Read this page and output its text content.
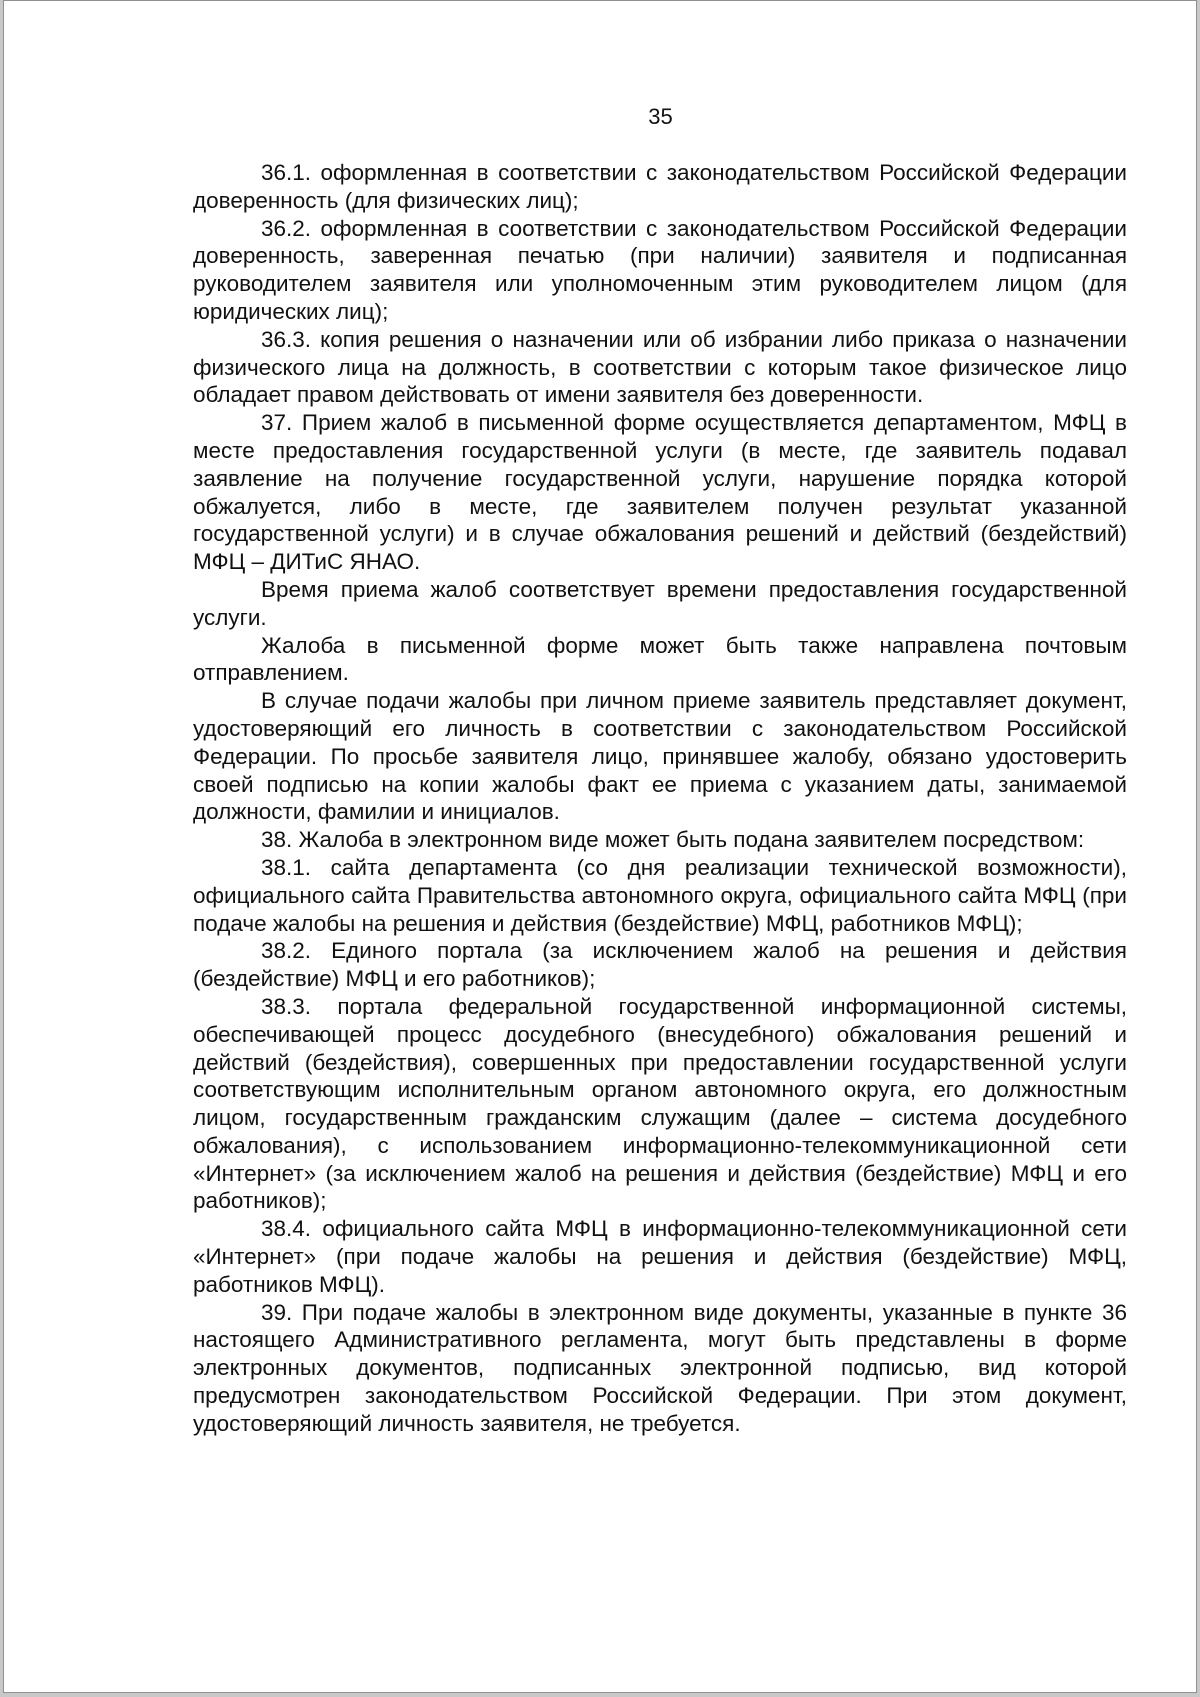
35

36.1. оформленная в соответствии с законодательством Российской Федерации доверенность (для физических лиц);

36.2. оформленная в соответствии с законодательством Российской Федерации доверенность, заверенная печатью (при наличии) заявителя и подписанная руководителем заявителя или уполномоченным этим руководителем лицом (для юридических лиц);

36.3. копия решения о назначении или об избрании либо приказа о назначении физического лица на должность, в соответствии с которым такое физическое лицо обладает правом действовать от имени заявителя без доверенности.

37. Прием жалоб в письменной форме осуществляется департаментом, МФЦ в месте предоставления государственной услуги (в месте, где заявитель подавал заявление на получение государственной услуги, нарушение порядка которой обжалуется, либо в месте, где заявителем получен результат указанной государственной услуги) и в случае обжалования решений и действий (бездействий) МФЦ – ДИТиС ЯНАО.

Время приема жалоб соответствует времени предоставления государственной услуги.

Жалоба в письменной форме может быть также направлена почтовым отправлением.

В случае подачи жалобы при личном приеме заявитель представляет документ, удостоверяющий его личность в соответствии с законодательством Российской Федерации. По просьбе заявителя лицо, принявшее жалобу, обязано удостоверить своей подписью на копии жалобы факт ее приема с указанием даты, занимаемой должности, фамилии и инициалов.

38. Жалоба в электронном виде может быть подана заявителем посредством:

38.1. сайта департамента (со дня реализации технической возможности), официального сайта Правительства автономного округа, официального сайта МФЦ (при подаче жалобы на решения и действия (бездействие) МФЦ, работников МФЦ);

38.2. Единого портала (за исключением жалоб на решения и действия (бездействие) МФЦ и его работников);

38.3. портала федеральной государственной информационной системы, обеспечивающей процесс досудебного (внесудебного) обжалования решений и действий (бездействия), совершенных при предоставлении государственной услуги соответствующим исполнительным органом автономного округа, его должностным лицом, государственным гражданским служащим (далее – система досудебного обжалования), с использованием информационно-телекоммуникационной сети «Интернет» (за исключением жалоб на решения и действия (бездействие) МФЦ и его работников);

38.4. официального сайта МФЦ в информационно-телекоммуникационной сети «Интернет» (при подаче жалобы на решения и действия (бездействие) МФЦ, работников МФЦ).

39. При подаче жалобы в электронном виде документы, указанные в пункте 36 настоящего Административного регламента, могут быть представлены в форме электронных документов, подписанных электронной подписью, вид которой предусмотрен законодательством Российской Федерации. При этом документ, удостоверяющий личность заявителя, не требуется.
